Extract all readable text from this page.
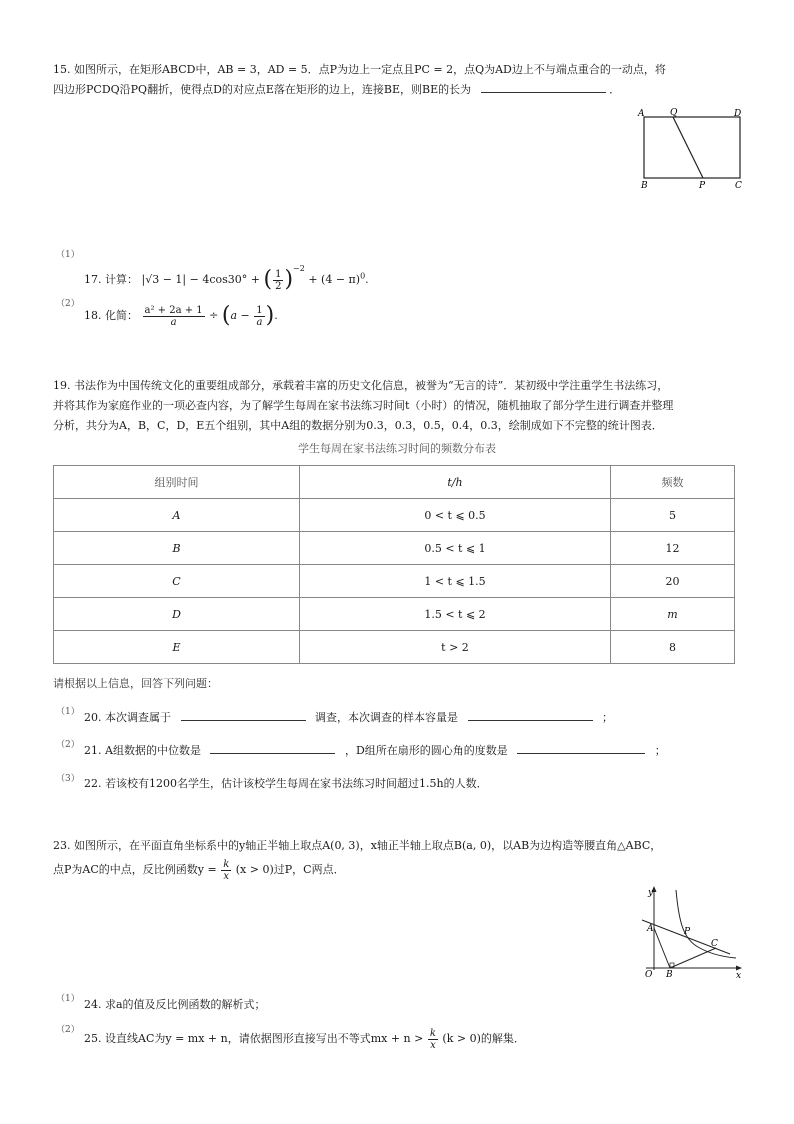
15. 如图所示，在矩形ABCD中，AB = 3，AD = 5．点P为边上一定点且PC = 2，点Q为AD边上不与端点重合的一动点，将
四边形PCDQ沿PQ翻折，使得点D的对应点E落在矩形的边上，连接BE，则BE的长为	．
A	Q	D
B	P	C
（1）
17. 计算： |√3 − 1| − 4cos30° + ( $\frac{1}{2} )^{-2} + (4 - \pi)^0$.
（2）
18. 化简： $\frac{\text{a² + 2a + 1}}{a} \div (a - \frac{1}{a}$ ).
19. 书法作为中国传统文化的重要组成部分，承载着丰富的历史文化信息，被誉为“无言的诗”．某初级中学注重学生书法练习，
并将其作为家庭作业的一项必查内容，为了解学生每周在家书法练习时间t（小时）的情况，随机抽取了部分学生进行调查并整理
分析，共分为A，B，C，D，E五个组别，其中A组的数据分别为0.3，0.3，0.5，0.4，0.3，绘制成如下不完整的统计图表．
学生每周在家书法练习时间的频数分布表
组别时间	t/h	频数
A	0 < t ⩽ 0.5	5
B	0.5 < t ⩽ 1	12
C	1 < t ⩽ 1.5	20
D	1.5 < t ⩽ 2	m
E	t > 2	8
请根据以上信息，回答下列问题：
（1） 20. 本次调查属于	调查，本次调查的样本容量是	；
（2） 21. A组数据的中位数是	，D组所在扇形的圆心角的度数是	；
（3） 22. 若该校有1200名学生，估计该校学生每周在家书法练习时间超过1.5h的人数．
23. 如图所示，在平面直角坐标系中的y轴正半轴上取点A(0, 3)，x轴正半轴上取点B(a, 0)，以AB为边构造等腰直角△ABC，
点P为AC的中点，反比例函数$y = \frac{k}{x} (x > 0)$过P，C两点．
y
x
A	P
C
O B
（1） 24. 求a的值及反比例函数的解析式；
（2）
25. 设直线AC为y = mx + n，请依据图形直接写出不等式mx + $n > \frac{k}{x} (k > 0)$的解集．
